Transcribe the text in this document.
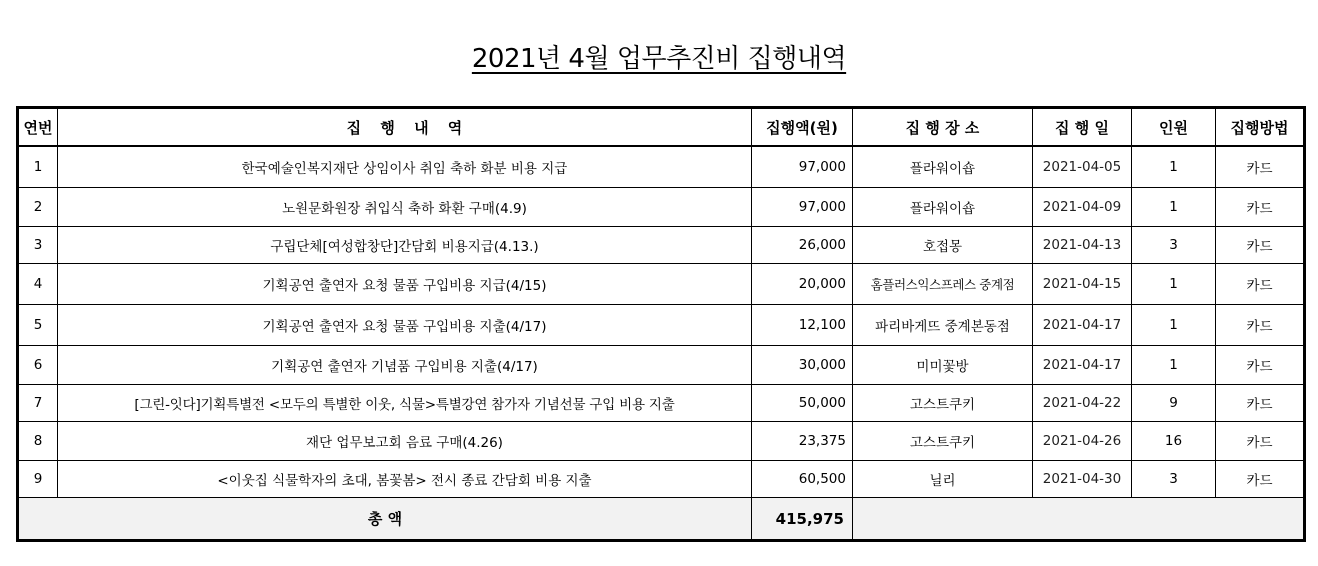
2021년 4월 업무추진비 집행내역
연번	집 행 내 역	집행액(원)	집 행 장 소	집 행 일	인원	집행방법
1	한국예술인복지재단 상임이사 취임 축하 화분 비용 지급	97,000	플라워이숍	2021-04-05	1	카드
2	노원문화원장 취입식 축하 화환 구매(4.9)	97,000	플라워이숍	2021-04-09	1	카드
3	구립단체[여성합창단]간담회 비용지급(4.13.)	26,000	호접몽	2021-04-13	3	카드
4	기획공연 출연자 요청 물품 구입비용 지급(4/15)	20,000	홈플러스익스프레스 중계점	2021-04-15	1	카드
5	기획공연 출연자 요청 물품 구입비용 지출(4/17)	12,100	파리바게뜨 중계본동점	2021-04-17	1	카드
6	기획공연 출연자 기념품 구입비용 지출(4/17)	30,000	미미꽃방	2021-04-17	1	카드
7	[그린-잇다]기획특별전 <모두의 특별한 이웃, 식물>특별강연 참가자 기념선물 구입 비용 지출	50,000	고스트쿠키	2021-04-22	9	카드
8	재단 업무보고회 음료 구매(4.26)	23,375	고스트쿠키	2021-04-26	16	카드
9	<이웃집 식물학자의 초대, 봄꽃봄> 전시 종료 간담회 비용 지출	60,500	닐리	2021-04-30	3	카드
총 액		415,975				
